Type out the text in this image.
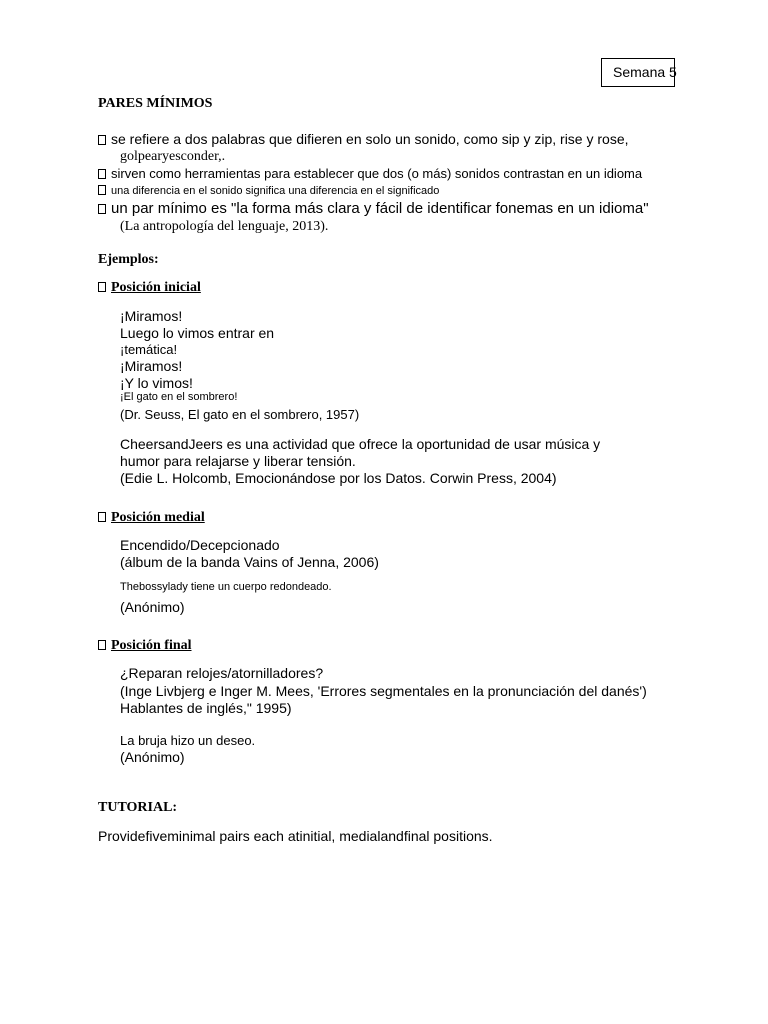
Semana 5
PARES MÍNIMOS
se refiere a dos palabras que difieren en solo un sonido, como sip y zip, rise y rose,
golpearyesconder,.
sirven como herramientas para establecer que dos (o más) sonidos contrastan en un idioma
una diferencia en el sonido significa una diferencia en el significado
un par mínimo es "la forma más clara y fácil de identificar fonemas en un idioma"
(La antropología del lenguaje, 2013).
Ejemplos:
Posición inicial
¡Miramos!
Luego lo vimos entrar en
¡temática!
¡Miramos!
¡Y lo vimos!
¡El gato en el sombrero!
(Dr. Seuss, El gato en el sombrero, 1957)
CheersandJeers es una actividad que ofrece la oportunidad de usar música y
humor para relajarse y liberar tensión.
(Edie L. Holcomb, Emocionándose por los Datos. Corwin Press, 2004)
Posición medial
Encendido/Decepcionado
(álbum de la banda Vains of Jenna, 2006)
Thebossylady tiene un cuerpo redondeado.
(Anónimo)
Posición final
¿Reparan relojes/atornilladores?
(Inge Livbjerg e Inger M. Mees, 'Errores segmentales en la pronunciación del danés')
Hablantes de inglés," 1995)
La bruja hizo un deseo.
(Anónimo)
TUTORIAL:
Providefiveminimal pairs each atinitial, medialandfinal positions.
